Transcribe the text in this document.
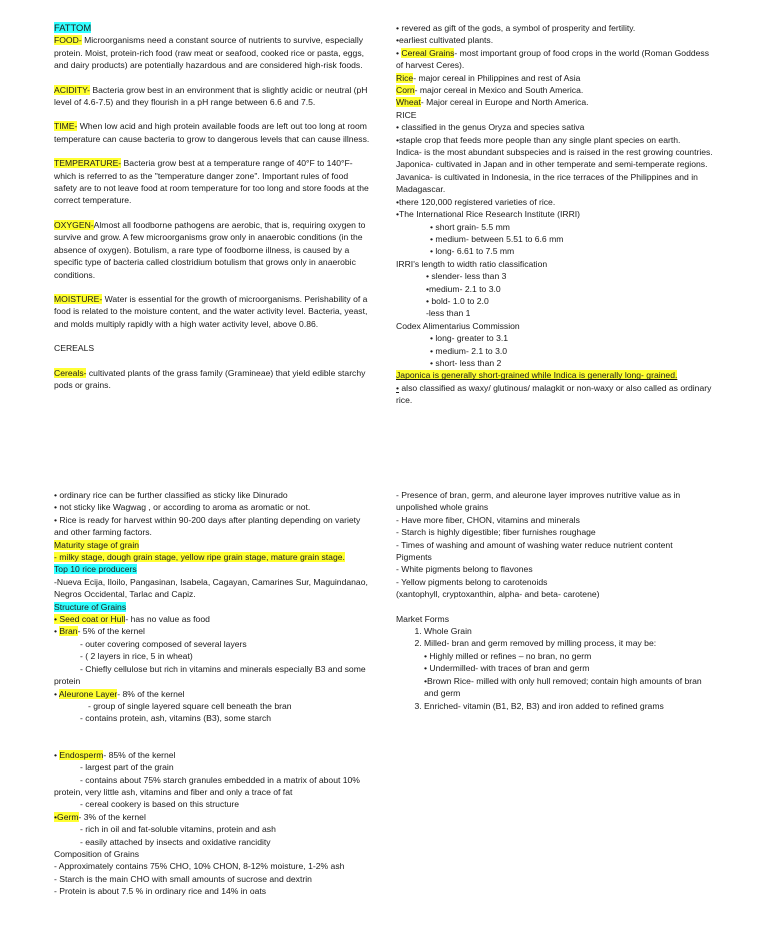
FATTOM
FOOD- Microorganisms need a constant source of nutrients to survive, especially protein. Moist, protein-rich food (raw meat or seafood, cooked rice or pasta, eggs, and dairy products) are potentially hazardous and are considered high-risk foods.
ACIDITY- Bacteria grow best in an environment that is slightly acidic or neutral (pH level of 4.6-7.5) and they flourish in a pH range between 6.6 and 7.5.
TIME- When low acid and high protein available foods are left out too long at room temperature can cause bacteria to grow to dangerous levels that can cause illness.
TEMPERATURE- Bacteria grow best at a temperature range of 40°F to 140°F- which is referred to as the "temperature danger zone". Important rules of food safety are to not leave food at room temperature for too long and store foods at the correct temperature.
OXYGEN-Almost all foodborne pathogens are aerobic, that is, requiring oxygen to survive and grow. A few microorganisms grow only in anaerobic conditions (in the absence of oxygen). Botulism, a rare type of foodborne illness, is caused by a specific type of bacteria called clostridium botulism that grows only in anaerobic conditions.
MOISTURE- Water is essential for the growth of microorganisms. Perishability of a food is related to the moisture content, and the water activity level. Bacteria, yeast, and molds multiply rapidly with a high water activity level, above 0.86.
CEREALS
Cereals- cultivated plants of the grass family (Gramineae) that yield edible starchy pods or grains.
• revered as gift of the gods, a symbol of prosperity and fertility.
•earliest cultivated plants.
• Cereal Grains- most important group of food crops in the world (Roman Goddess of harvest Ceres).
Rice- major cereal in Philippines and rest of Asia
Corn- major cereal in Mexico and South America.
Wheat- Major cereal in Europe and North America.
RICE
• classified in the genus Oryza and species sativa
•staple crop that feeds more people than any single plant species on earth.
Indica- is the most abundant subspecies and is raised in the rest growing countries.
Japonica- cultivated in Japan and in other temperate and semi-temperate regions.
Javanica- is cultivated in Indonesia, in the rice terraces of the Philippines and in Madagascar.
•there 120,000 registered varieties of rice.
•The International Rice Research Institute (IRRI)
• short grain- 5.5 mm
• medium- between 5.51 to 6.6 mm
• long- 6.61 to 7.5 mm
IRRI's length to width ratio classification
• slender- less than 3
•medium- 2.1 to 3.0
• bold- 1.0 to 2.0
-less than 1
Codex Alimentarius Commission
• long- greater to 3.1
• medium- 2.1 to 3.0
• short- less than 2
Japonica is generally short-grained while Indica is generally long- grained.
• also classified as waxy/ glutinous/ malagkit or non-waxy or also called as ordinary rice.
• ordinary rice can be further classified as sticky like Dinurado
• not sticky like Wagwag , or according to aroma as aromatic or not.
• Rice is ready for harvest within 90-200 days after planting depending on variety and other farming factors.
Maturity stage of grain
- milky stage, dough grain stage, yellow ripe grain stage, mature grain stage.
Top 10 rice producers
-Nueva Ecija, Iloilo, Pangasinan, Isabela, Cagayan, Camarines Sur, Maguindanao, Negros Occidental, Tarlac and Capiz.
Structure of Grains
• Seed coat or Hull- has no value as food
• Bran- 5% of the kernel
- outer covering composed of several layers
- ( 2 layers in rice, 5 in wheat)
- Chiefly cellulose but rich in vitamins and minerals especially B3 and some protein
• Aleurone Layer- 8% of the kernel
- group of single layered square cell beneath the bran
- contains protein, ash, vitamins (B3), some starch
• Endosperm- 85% of the kernel
- largest part of the grain
- contains about 75% starch granules embedded in a matrix of about 10% protein, very little ash, vitamins and fiber and only a trace of fat
- cereal cookery is based on this structure
•Germ- 3% of the kernel
- rich in oil and fat-soluble vitamins, protein and ash
- easily attached by insects and oxidative rancidity
Composition of Grains
- Approximately contains 75% CHO, 10% CHON, 8-12% moisture, 1-2% ash
- Starch is the main CHO with small amounts of sucrose and dextrin
- Protein is about 7.5 % in ordinary rice and 14% in oats
- Presence of bran, germ, and aleurone layer improves nutritive value as in unpolished whole grains
- Have more fiber, CHON, vitamins and minerals
- Starch is highly digestible; fiber furnishes roughage
- Times of washing and amount of washing water reduce nutrient content
Pigments
- White pigments belong to flavones
- Yellow pigments belong to carotenoids
(xantophyll, cryptoxanthin, alpha- and beta- carotene)
Market Forms
1. Whole Grain
2. Milled- bran and germ removed by milling process, it may be:
• Highly milled or refines – no bran, no germ
• Undermilled- with traces of bran and germ
•Brown Rice- milled with only hull removed; contain high amounts of bran and germ
3. Enriched- vitamin (B1, B2, B3) and iron added to refined grams
